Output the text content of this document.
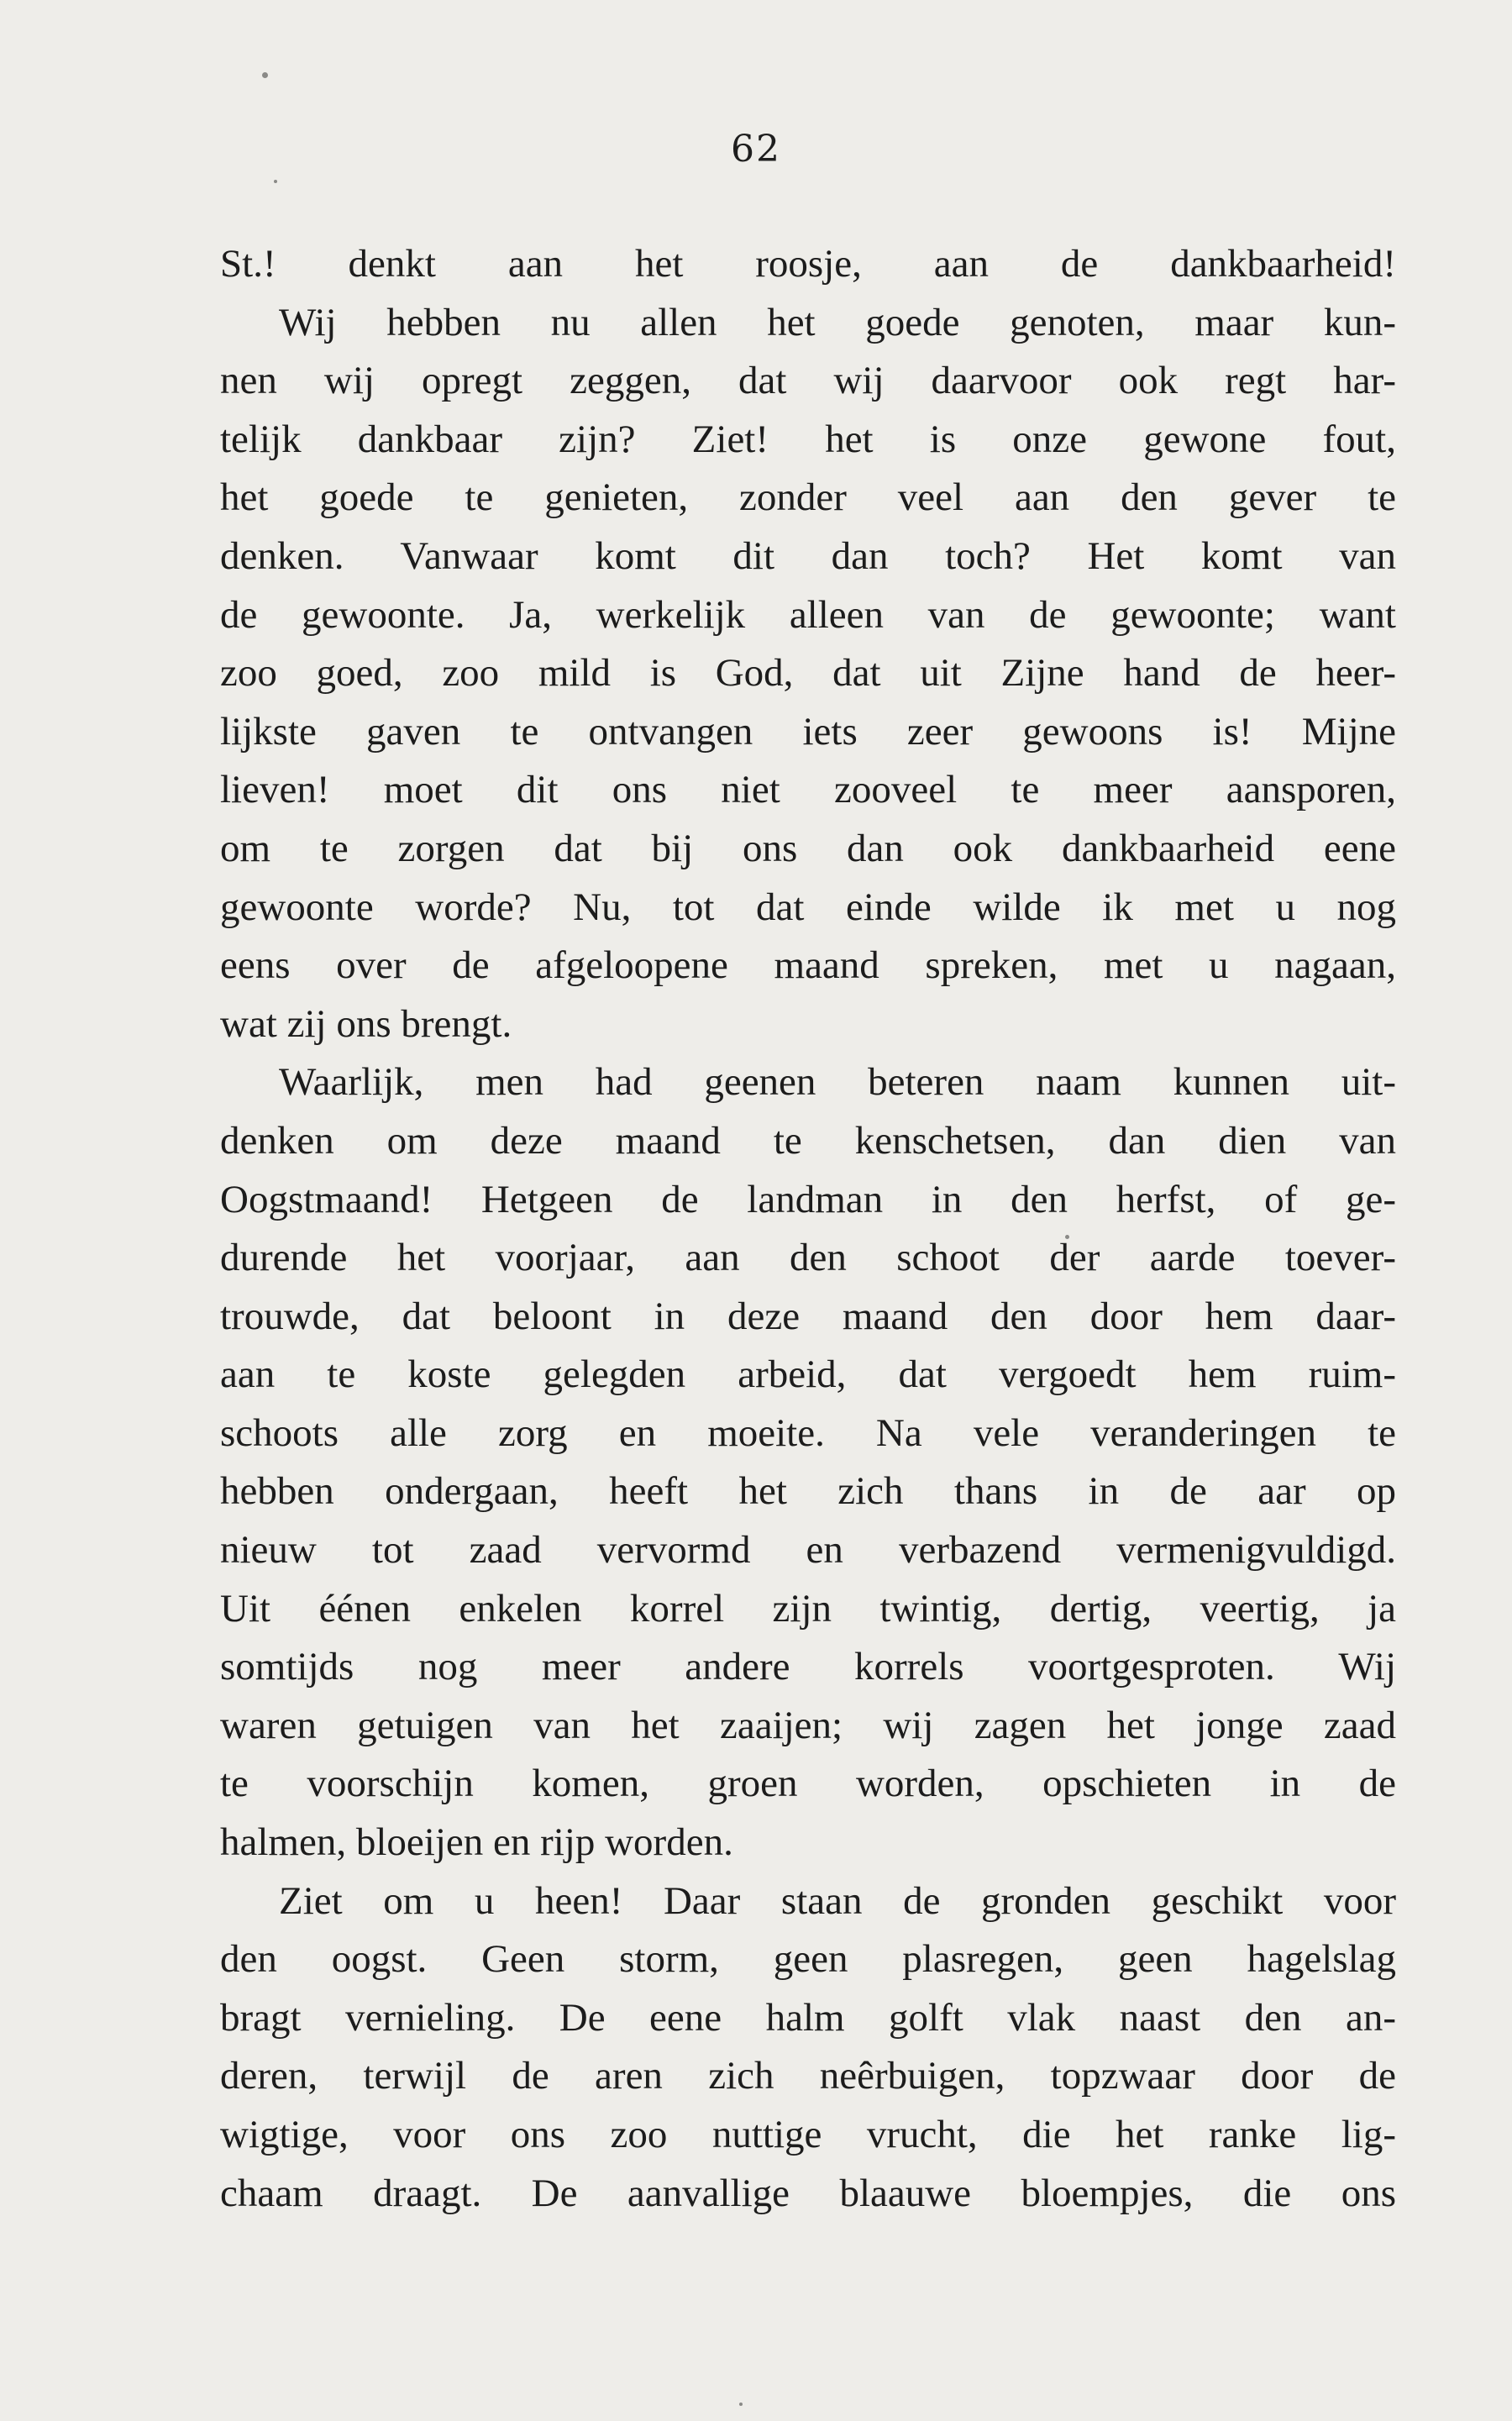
62
St.! denkt aan het roosje, aan de dankbaarheid!
Wij hebben nu allen het goede genoten, maar kun-
nen wij opregt zeggen, dat wij daarvoor ook regt har-
telijk dankbaar zijn? Ziet! het is onze gewone fout,
het goede te genieten, zonder veel aan den gever te
denken. Vanwaar komt dit dan toch? Het komt van
de gewoonte. Ja, werkelijk alleen van de gewoonte; want
zoo goed, zoo mild is God, dat uit Zijne hand de heer-
lijkste gaven te ontvangen iets zeer gewoons is! Mijne
lieven! moet dit ons niet zooveel te meer aansporen,
om te zorgen dat bij ons dan ook dankbaarheid eene
gewoonte worde? Nu, tot dat einde wilde ik met u nog
eens over de afgeloopene maand spreken, met u nagaan,
wat zij ons brengt.
Waarlijk, men had geenen beteren naam kunnen uit-
denken om deze maand te kenschetsen, dan dien van
Oogstmaand! Hetgeen de landman in den herfst, of ge-
durende het voorjaar, aan den schoot der aarde toever-
trouwde, dat beloont in deze maand den door hem daar-
aan te koste gelegden arbeid, dat vergoedt hem ruim-
schoots alle zorg en moeite. Na vele veranderingen te
hebben ondergaan, heeft het zich thans in de aar op
nieuw tot zaad vervormd en verbazend vermenigvuldigd.
Uit éénen enkelen korrel zijn twintig, dertig, veertig, ja
somtijds nog meer andere korrels voortgesproten. Wij
waren getuigen van het zaaijen; wij zagen het jonge zaad
te voorschijn komen, groen worden, opschieten in de
halmen, bloeijen en rijp worden.
Ziet om u heen! Daar staan de gronden geschikt voor
den oogst. Geen storm, geen plasregen, geen hagelslag
bragt vernieling. De eene halm golft vlak naast den an-
deren, terwijl de aren zich neêrbuigen, topzwaar door de
wigtige, voor ons zoo nuttige vrucht, die het ranke lig-
chaam draagt. De aanvallige blaauwe bloempjes, die ons
